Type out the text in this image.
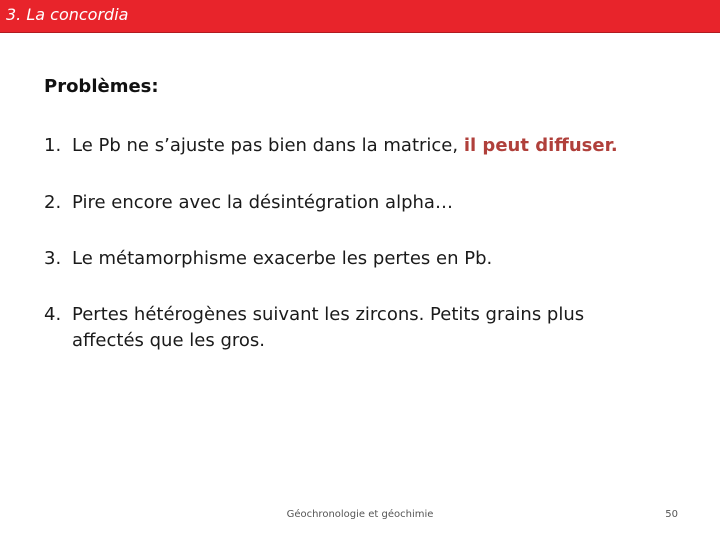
3. La concordia
Problèmes:
1. Le Pb ne s’ajuste pas bien dans la matrice, il peut diffuser.
2. Pire encore avec la désintégration alpha…
3. Le métamorphisme exacerbe les pertes en Pb.
4. Pertes hétérogènes suivant les zircons. Petits grains plus affectés que les gros.
Géochronologie et géochimie	50
